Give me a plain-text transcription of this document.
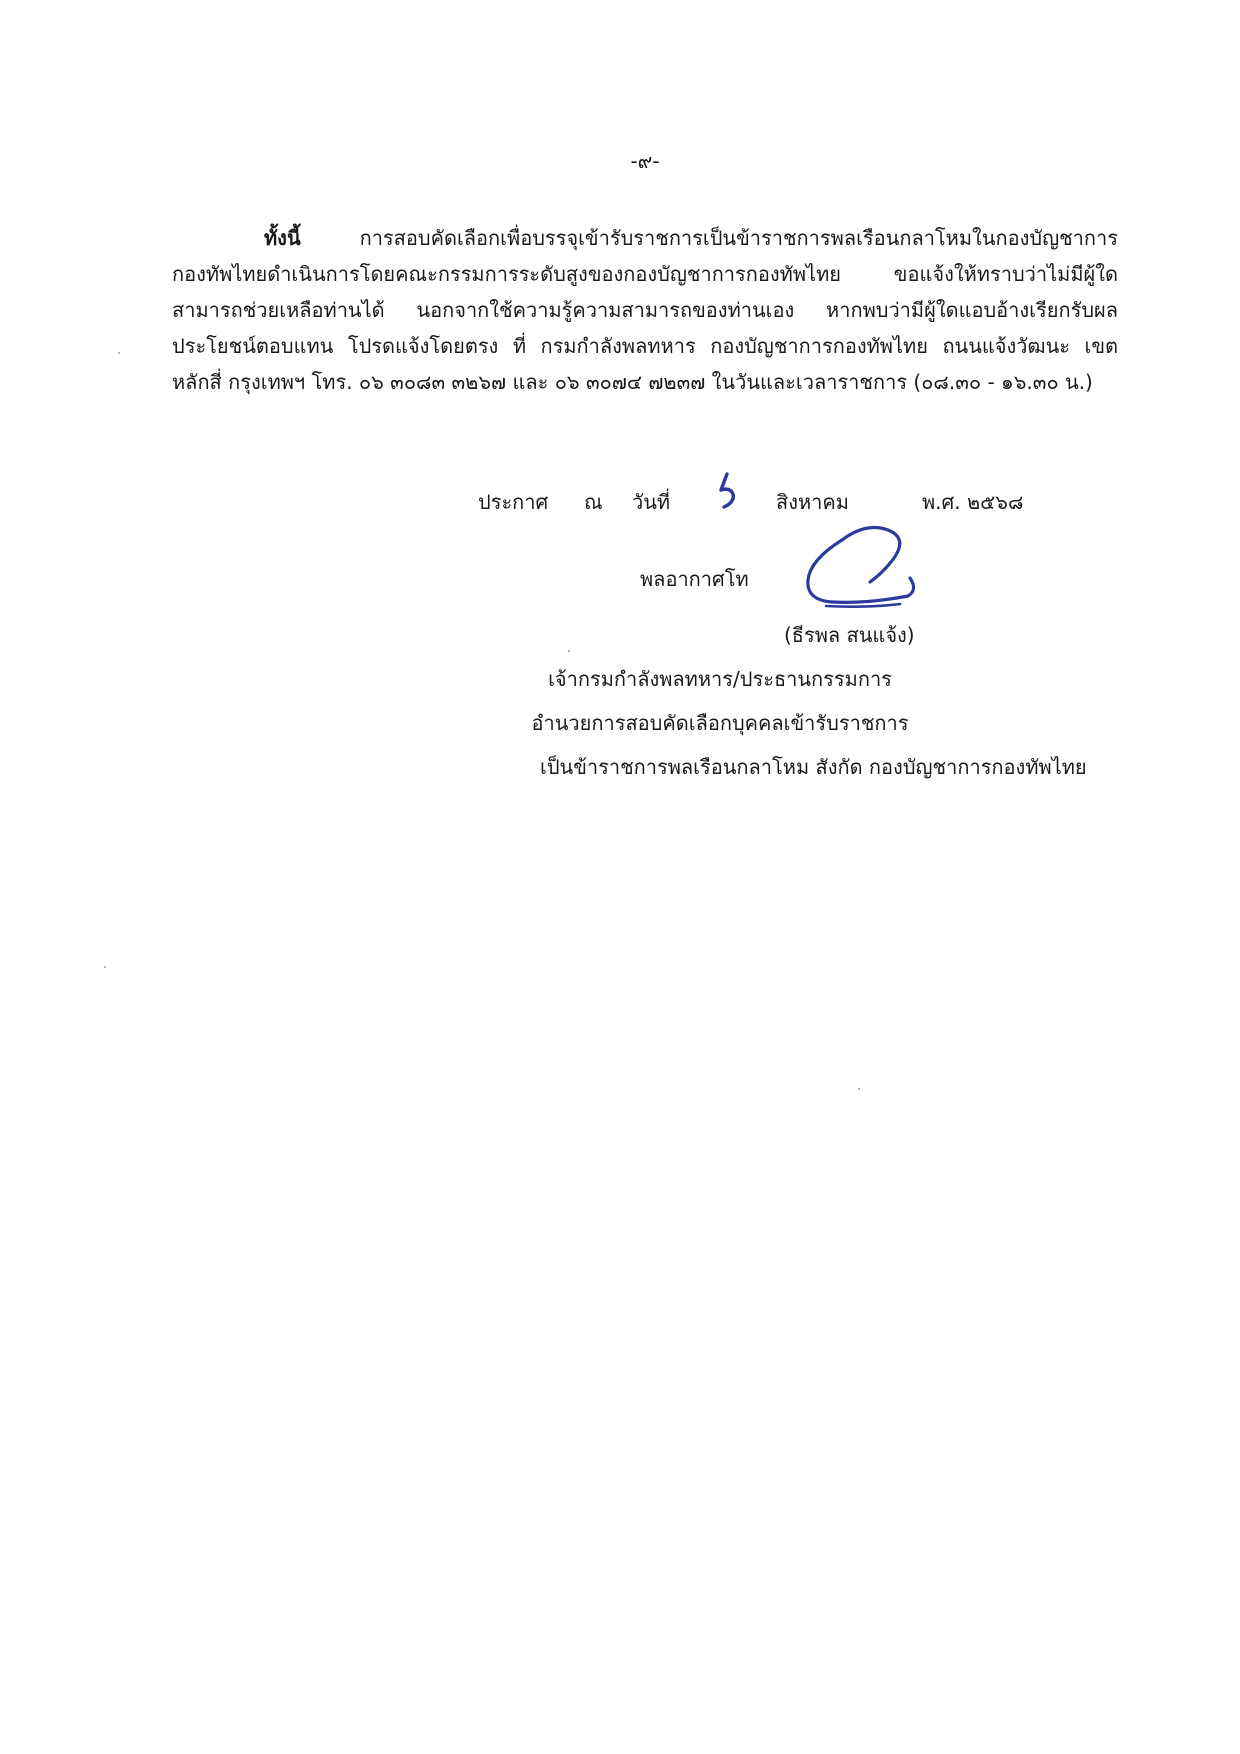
-๙-

ทั้งนี้ การสอบคัดเลือกเพื่อบรรจุเข้ารับราชการเป็นข้าราชการพลเรือนกลาโหมในกองบัญชาการกองทัพไทยดำเนินการโดยคณะกรรมการระดับสูงของกองบัญชาการกองทัพไทย ขอแจ้งให้ทราบว่าไม่มีผู้ใดสามารถช่วยเหลือท่านได้ นอกจากใช้ความรู้ความสามารถของท่านเอง หากพบว่ามีผู้ใดแอบอ้างเรียกรับผลประโยชน์ตอบแทน โปรดแจ้งโดยตรง ที่ กรมกำลังพลทหาร กองบัญชาการกองทัพไทย ถนนแจ้งวัฒนะ เขตหลักสี่ กรุงเทพฯ โทร. ๐๖ ๓๐๘๓ ๓๒๖๗ และ ๐๖ ๓๐๗๔ ๗๒๓๗ ในวันและเวลาราชการ (๐๘.๓๐ - ๑๖.๓๐ น.)

ประกาศ ณ วันที่	สิงหาคม	พ.ศ. ๒๕๖๘
พลอากาศโท
(ธีรพล สนแจ้ง)
เจ้ากรมกำลังพลทหาร/ประธานกรรมการ
อำนวยการสอบคัดเลือกบุคคลเข้ารับราชการ
เป็นข้าราชการพลเรือนกลาโหม สังกัด กองบัญชาการกองทัพไทย
